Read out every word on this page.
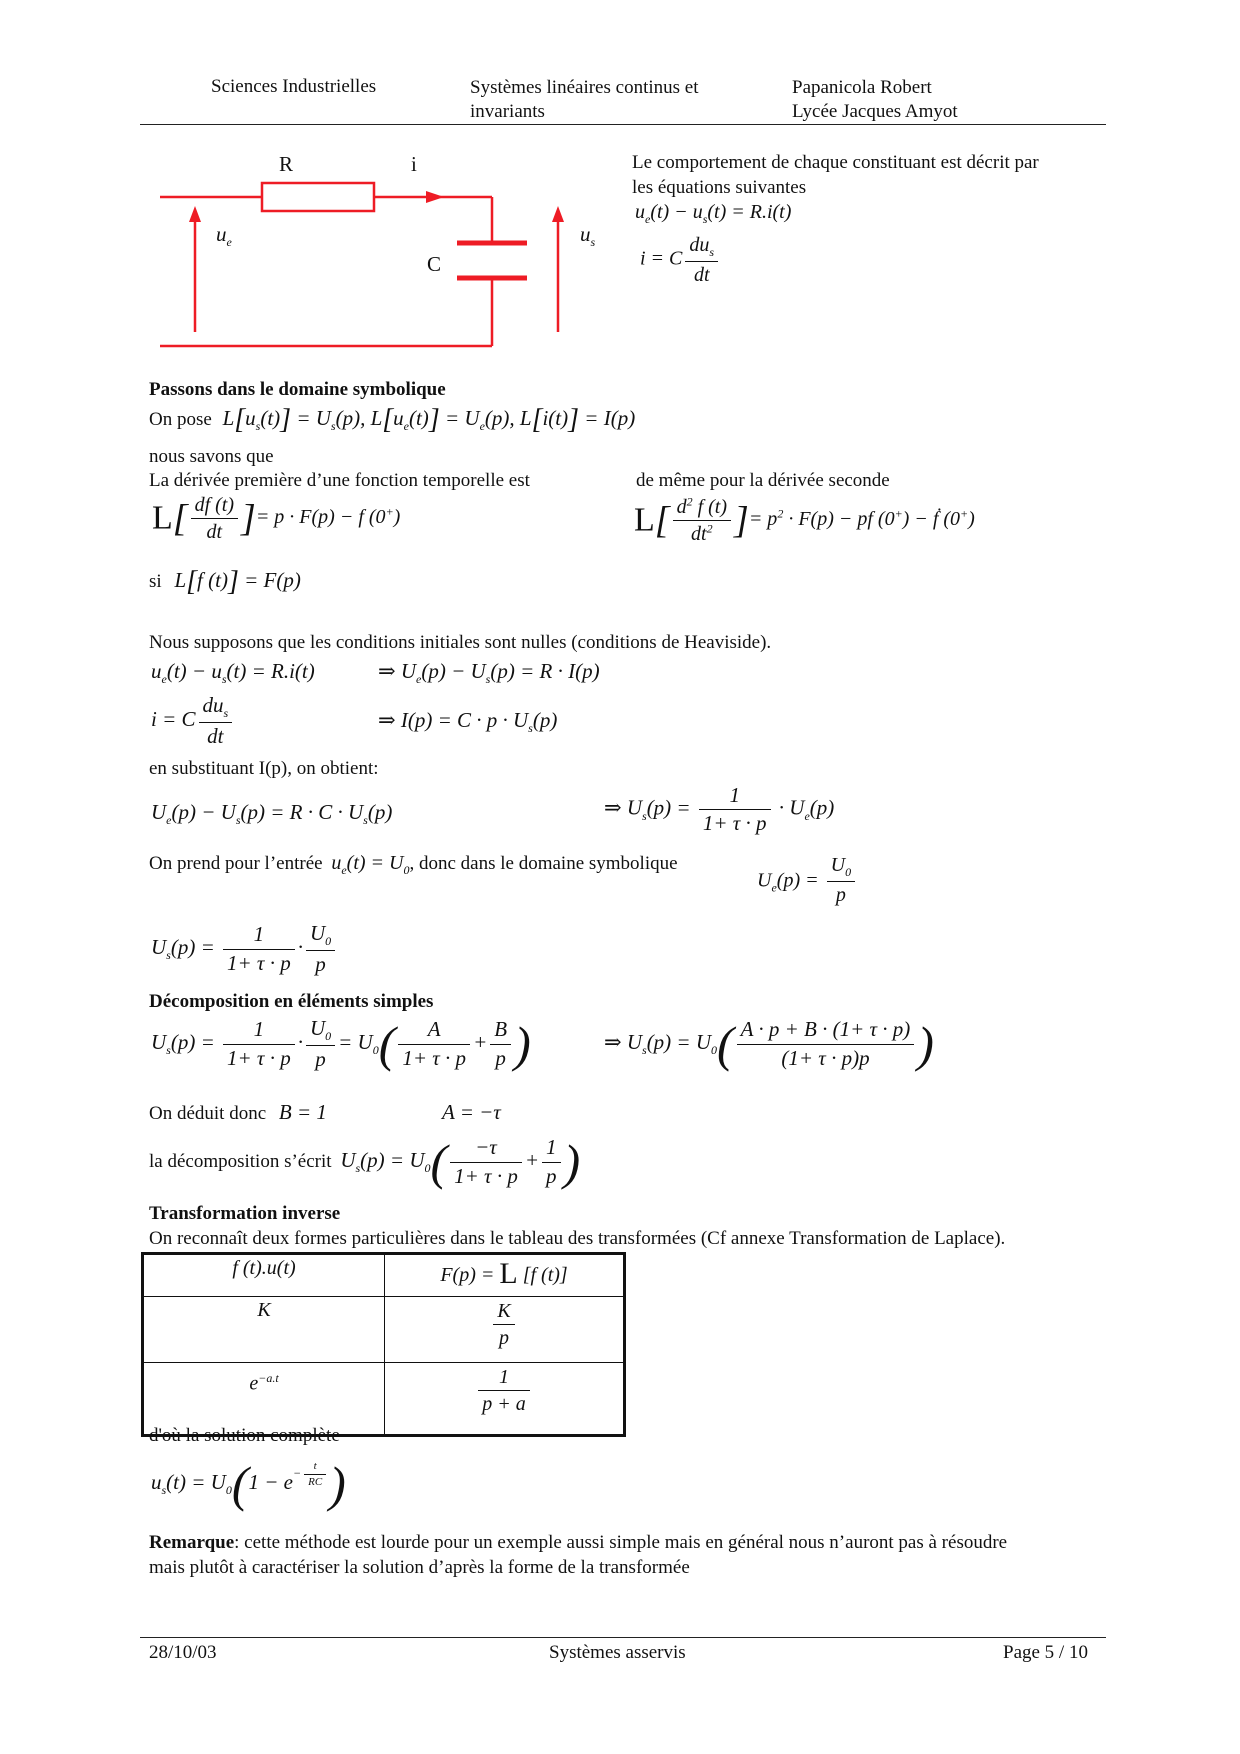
Sciences Industrielles	Systèmes linéaires continus et
invariants
Papanicola Robert
Lycée Jacques Amyot
R	i
C
$u_e$	$u_s$
Le comportement de chaque constituant est décrit par
les équations suivantes
$u_e(t) - u_s(t) = R.i(t)$
i = C $\frac{du_s}{dt}$
Passons dans le domaine symbolique
On pose $L[u_s(t)] = U_s(p)$, $L[u_e(t)] = U_e(p)$, L[i(t)] = I(p)
nous savons que
La dérivée première d’une fonction temporelle est	de même pour la dérivée seconde
$L[ \frac{df (t)}{dt}$ ]= p · F(p) − f (0+)	$L[ \frac{d^2 f (t)}{dt^2}$ ]= $p^2 \cdot F(p)$ − pf (0+) − ḟ (0+)
si L[f (t)] = F(p)
Nous supposons que les conditions initiales sont nulles (conditions de Heaviside).
$u_e(t) - u_s(t) = R.i(t)$	⇒ $U_e(p) - U_s(p) = R \cdot I(p)$
i = C $\frac{du_s}{dt}$	⇒ $I(p) = C \cdot p \cdot U_s(p)$
en substituant I(p), on obtient:
$U_e(p) - U_s(p) = R \cdot C \cdot U_s(p)$	⇒ $U_s(p) = \frac{1}{1+ \tau \cdot p} \cdot U_e(p)$
On prend pour l’entrée $u_e(t) = U_0$, donc dans le domaine symbolique
$U_e(p) = \frac{U_0}{p}$
$U_s(p) = \frac{1}{1+ \tau \cdot p} \cdot \frac{U_0}{p}$
Décomposition en éléments simples
$U_s(p) = \frac{1}{1+ \tau \cdot p} \cdot \frac{U_0}{p} = U_0( \frac{A}{1+ \tau \cdot p} + \frac{B}{p}$ )	⇒ $U_s(p) = U_0( \frac{A \cdot p + B \cdot (1+ \tau \cdot p)}{(1+ \tau \cdot p)p}$ )
On déduit donc B = 1	A = −τ
la décomposition s’écrit $U_s(p) = U_0( \frac{-\tau}{1+ \tau \cdot p} + \frac{1}{p}$ )
Transformation inverse
On reconnaît deux formes particulières dans le tableau des transformées (Cf annexe Transformation de Laplace).
f (t).u(t)	F(p) = L [f (t)]
K	$\frac{K}{p}$

$e^{-a.t}$	$\frac{1}{p + a}$
d'où la solution complète
$u_s(t) = U_0(1 - e^{- \frac{t}{RC}}$ )
Remarque: cette méthode est lourde pour un exemple aussi simple mais en général nous n’auront pas à résoudre
mais plutôt à caractériser la solution d’après la forme de la transformée
28/10/03	Systèmes asservis	Page 5 / 10
